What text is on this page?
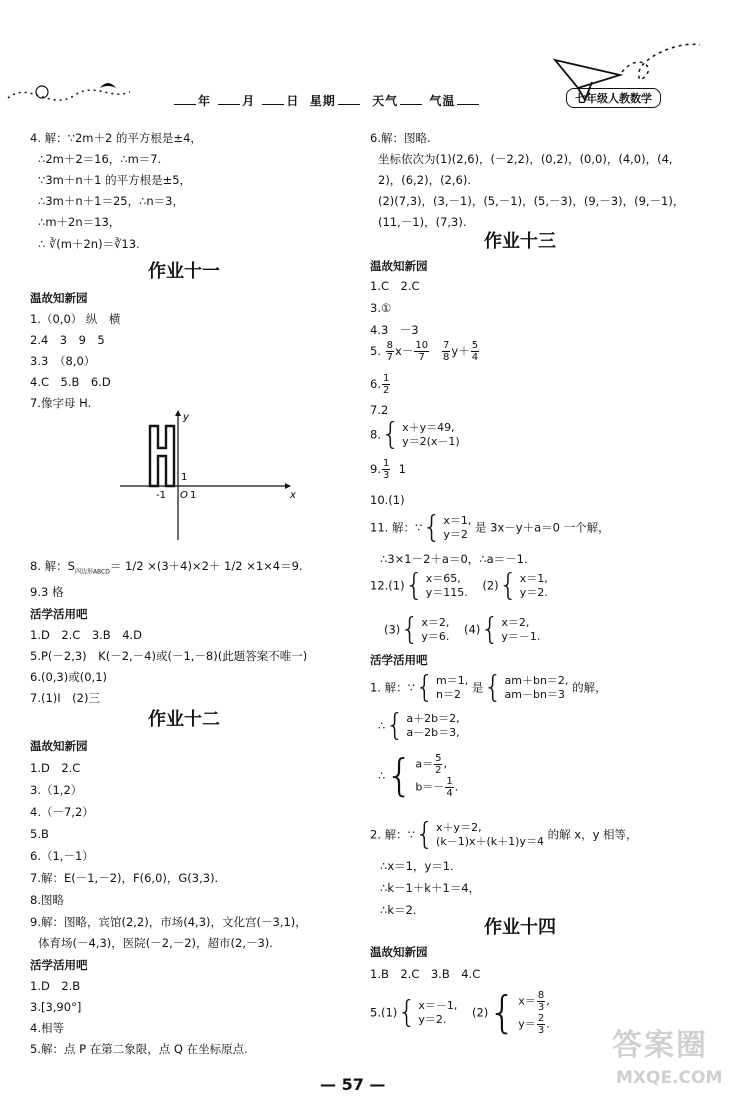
年	月	日 星期	天气	气温	七年级人教数学
4. 解：∵2m＋2 的平方根是±4，
∴2m＋2＝16，∴m＝7.
∵3m＋n＋1 的平方根是±5，
∴3m＋n＋1＝25，∴n＝3，
∴m＋2n＝13，
∴ ∛(m＋2n)＝∛13.
作业十一
温故知新园
1.（0,0） 纵　横
2.4　3　9　5
3.3　（8,0）
4.C　5.B　6.D
7.像字母 H.
x
y
O
-1 1
1
8. 解：$S_{四边形ABCD}= 1/2 \times(3+4)\times 2+ 1/2 \times 1\times 4=9$.
9.3 格
活学活用吧
1.D　2.C　3.B　4.D
5.P(－2,3)　K(－2,－4)或(－1,－8)(此题答案不唯一)
6.(0,3)或(0,1)
7.(1)Ⅰ　(2)三
作业十二
温故知新园
1.D　2.C
3.（1,2）
4.（－7,2）
5.B
6.（1,－1）
7.解：E(－1,－2)，F(6,0)，G(3,3).
8.图略
9.解：图略，宾馆(2,2)，市场(4,3)，文化宫(－3,1)，
体育场(－4,3)，医院(－2,－2)，超市(2,－3).
活学活用吧
1.D　2.B
3.[3,90°]
4.相等
5.解：点 P 在第二象限，点 Q 在坐标原点.
6.解：图略.
坐标依次为(1)(2,6)，(－2,2)，(0,2)，(0,0)，(4,0)，(4,
2)，(6,2)，(2,6).
(2)(7,3)，(3,－1)，(5,－1)，(5,－3)，(9,－3)，(9,－1)，
(11,－1)，(7,3).
作业十三
温故知新园
1.C　2.C
3.①
4.3　－3
5. $\frac{8}{7} x- \frac{10}{7}$
$\frac{7}{8} y+ \frac{5}{4}$
6. $\frac{1}{2}$
7.2
8.{ x＋y＝49,
y＝2(x－1)
9. $\frac{1}{3} 1$
10.(1)
11. 解：∵{ x＝1,
y＝2 是 3x－y＋a＝0 一个解，
∴3×1－2＋a＝0，∴a＝－1.
12.(1){ x＝65,
y＝115. (2){ x＝1,
y＝2.
(3){ x＝2,
y＝6. (4){ x＝2,
y＝－1.
活学活用吧
1. 解：∵{ m＝1,
n＝2 是{ am＋bn＝2,
am－bn＝3 的解，
∴{ a＋2b＝2,
a－2b＝3,
∴{ $a= \frac{5}{2}$ ,
$b=- \frac{1}{4}$ .
2. 解：∵{ x＋y＝2,
(k－1)x＋(k＋1)y＝4 的解 x，y 相等，
∴x＝1，y＝1.
∴k－1＋k＋1＝4，
∴k＝2.
作业十四
温故知新园
1.B　2.C　3.B　4.C
5.(1){ x＝－1,
y＝2. (2){ $x= \frac{8}{3}$ ,
$y= \frac{2}{3}$ .
— 57 —
答案圈
MXQE.COM
